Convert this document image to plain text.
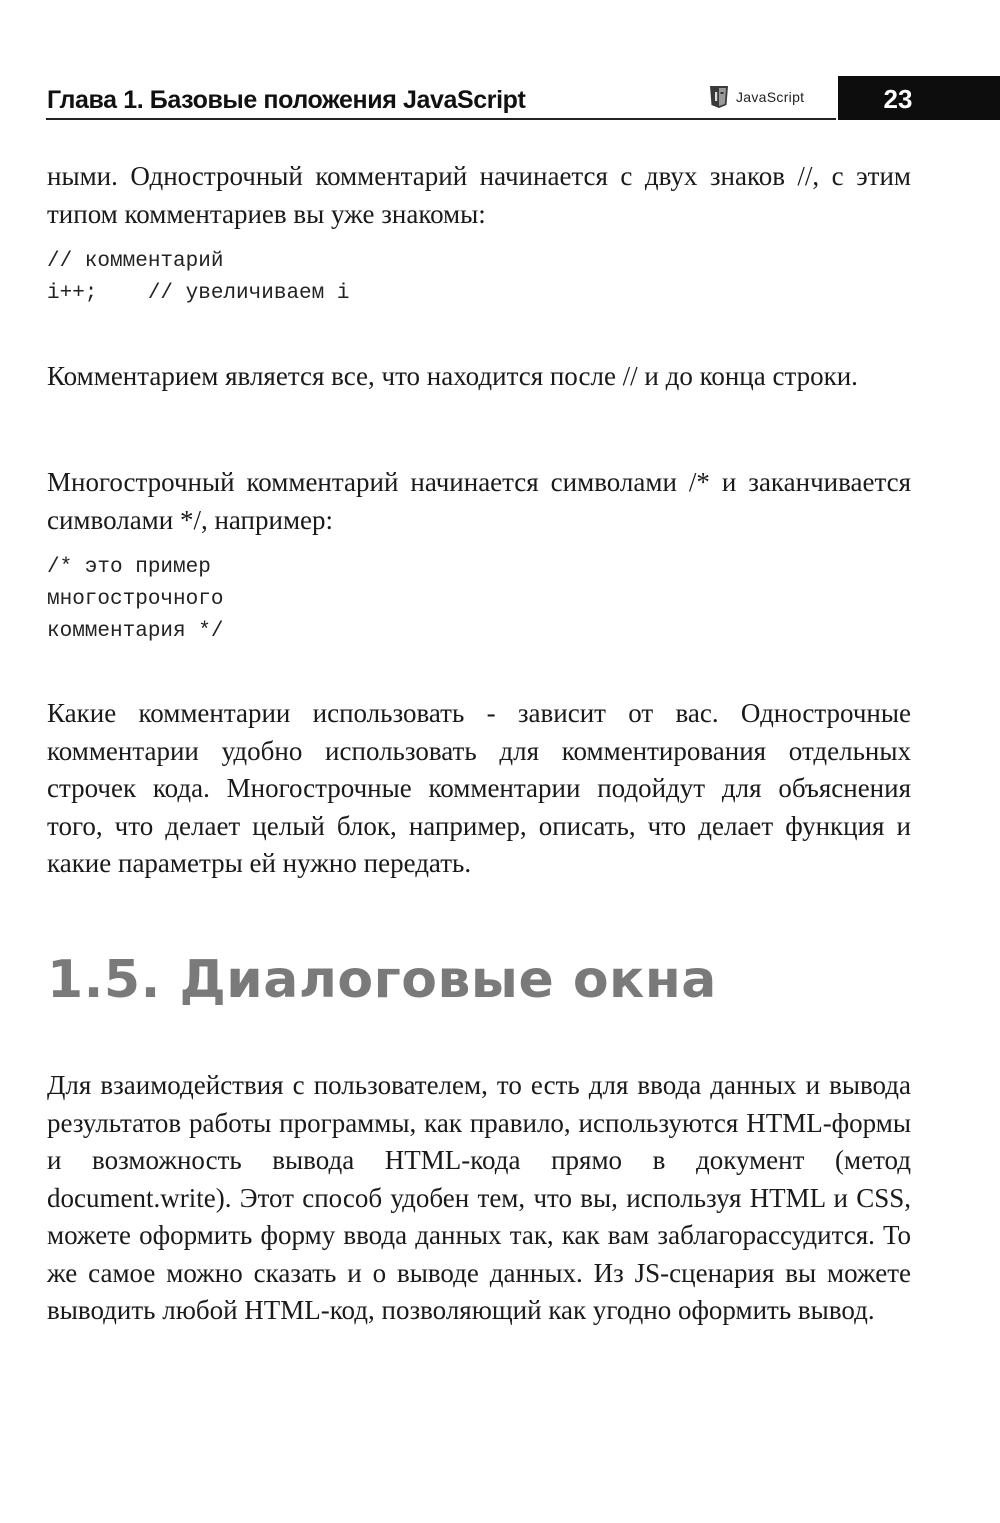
Глава 1. Базовые положения JavaScript	JavaScript	23

ными. Однострочный комментарий начинается с двух знаков //, с этим типом комментариев вы уже знакомы:

// комментарий
i++;    // увеличиваем i

Комментарием является все, что находится после // и до конца строки.

Многострочный комментарий начинается символами /* и заканчивается символами */, например:

/* это пример
многострочного
комментария */

Какие комментарии использовать - зависит от вас. Однострочные комментарии удобно использовать для комментирования отдельных строчек кода. Многострочные комментарии подойдут для объяснения того, что делает целый блок, например, описать, что делает функция и какие параметры ей нужно передать.

1.5. Диалоговые окна

Для взаимодействия с пользователем, то есть для ввода данных и вывода результатов работы программы, как правило, используются HTML-формы и возможность вывода HTML-кода прямо в документ (метод document.write). Этот способ удобен тем, что вы, используя HTML и CSS, можете оформить форму ввода данных так, как вам заблагорассудится. То же самое можно сказать и о выводе данных. Из JS-сценария вы можете выводить любой HTML-код, позволяющий как угодно оформить вывод.
